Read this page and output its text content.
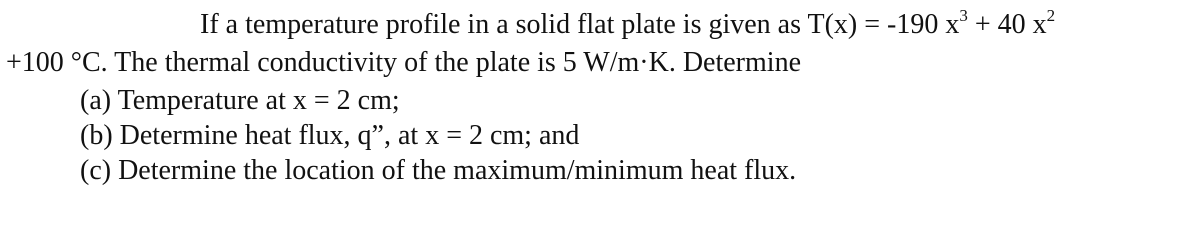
If a temperature profile in a solid flat plate is given as T(x) = -190 $x^3 + 40$ $x^2$
+100 °C. The thermal conductivity of the plate is 5 W/m·K. Determine
(a) Temperature at x = 2 cm;
(b) Determine heat flux, q”, at x = 2 cm; and
(c) Determine the location of the maximum/minimum heat flux.
